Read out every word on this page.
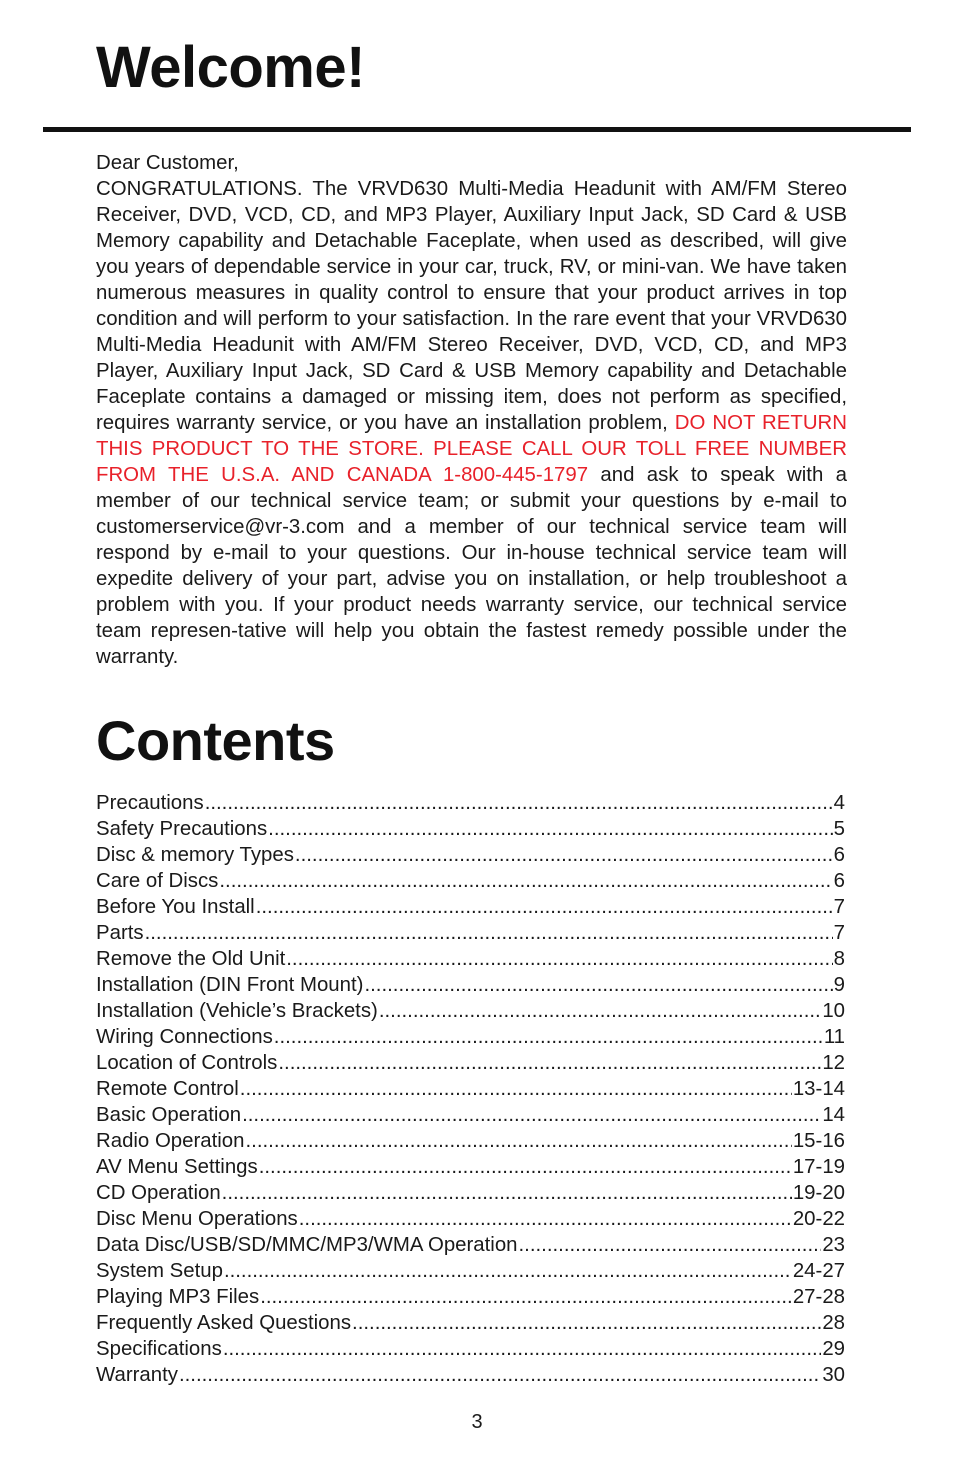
Welcome!

Dear Customer,

CONGRATULATIONS. The VRVD630 Multi-Media Headunit with AM/FM Stereo Receiver, DVD, VCD, CD, and MP3 Player, Auxiliary Input Jack, SD Card & USB Memory capability and Detachable Faceplate, when used as described, will give you years of dependable service in your car, truck, RV, or mini-van. We have taken numerous measures in quality control to ensure that your product arrives in top condition and will perform to your satisfaction. In the rare event that your VRVD630 Multi-Media Headunit with AM/FM Stereo Receiver, DVD, VCD, CD, and MP3 Player, Auxiliary Input Jack, SD Card & USB Memory capability and Detachable Faceplate contains a damaged or missing item, does not perform as specified, requires warranty service, or you have an installation problem, DO NOT RETURN THIS PRODUCT TO THE STORE. PLEASE CALL OUR TOLL FREE NUMBER FROM THE U.S.A. AND CANADA 1-800-445-1797 and ask to speak with a member of our technical service team; or submit your questions by e-mail to customerservice@vr-3.com and a member of our technical service team will respond by e-mail to your questions. Our in-house technical service team will expedite delivery of your part, advise you on installation, or help troubleshoot a problem with you. If your product needs warranty service, our technical service team represen-tative will help you obtain the fastest remedy possible under the warranty.

Contents
Precautions .....	4
Safety Precautions .....	5
Disc & memory Types .....	6
Care of Discs .....	6
Before You Install .....	7
Parts .....	7
Remove the Old Unit .....	8
Installation (DIN Front Mount) .....	9
Installation (Vehicle’s Brackets) .....	10
Wiring Connections .....	11
Location of Controls .....	12
Remote Control .....	13-14
Basic Operation .....	14
Radio Operation .....	15-16
AV Menu Settings .....	17-19
CD Operation .....	19-20
Disc Menu Operations .....	20-22
Data Disc/USB/SD/MMC/MP3/WMA Operation .....	23
System Setup .....	24-27
Playing MP3 Files .....	27-28
Frequently Asked Questions .....	28
Specifications .....	29
Warranty .....	30
3
